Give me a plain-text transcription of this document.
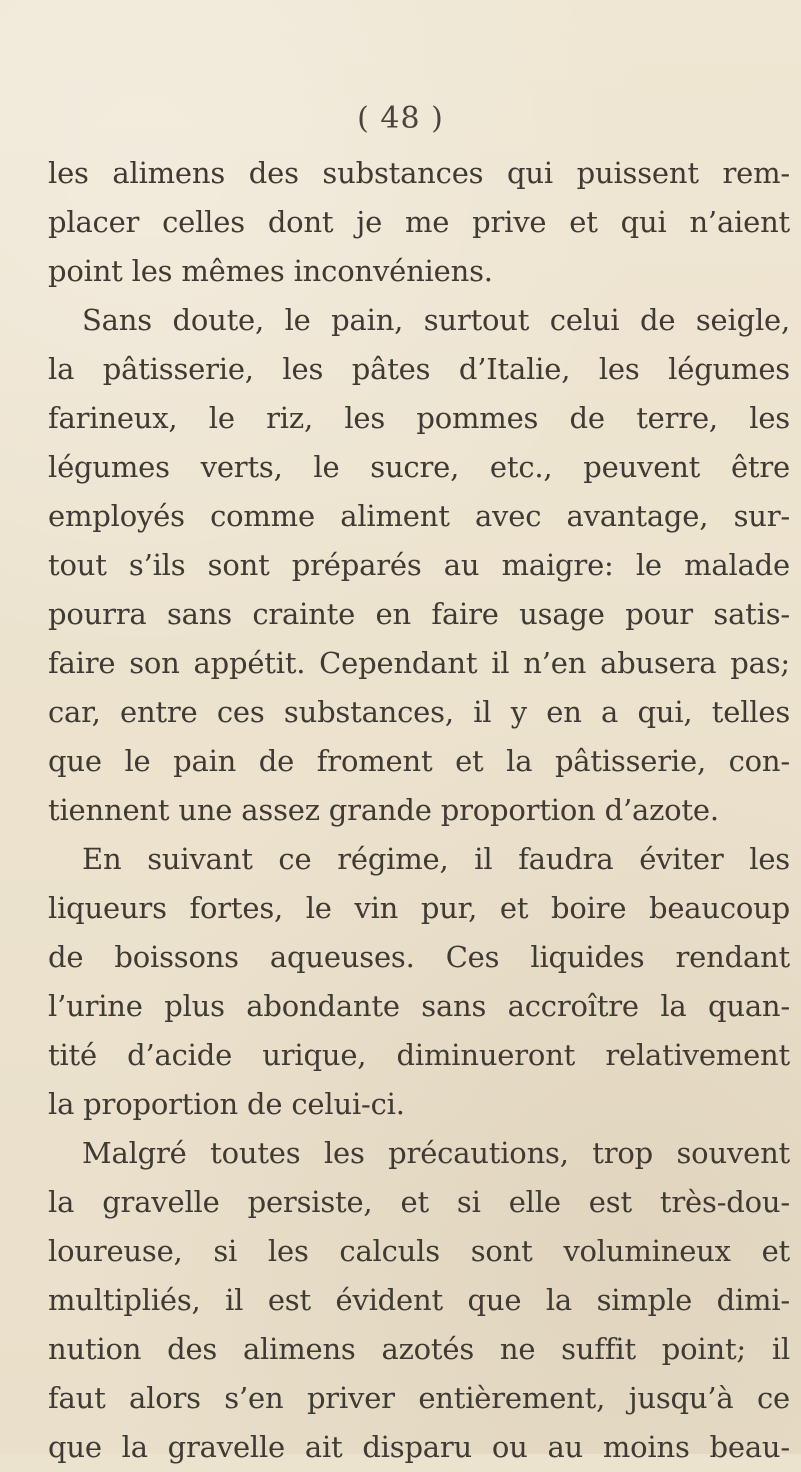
( 48 )
les alimens des substances qui puissent rem-
placer celles dont je me prive et qui n’aient
point les mêmes inconvéniens.
Sans doute, le pain, surtout celui de seigle,
la pâtisserie, les pâtes d’Italie, les légumes
farineux, le riz, les pommes de terre, les
légumes verts, le sucre, etc., peuvent être
employés comme aliment avec avantage, sur-
tout s’ils sont préparés au maigre: le malade
pourra sans crainte en faire usage pour satis-
faire son appétit. Cependant il n’en abusera pas;
car, entre ces substances, il y en a qui, telles
que le pain de froment et la pâtisserie, con-
tiennent une assez grande proportion d’azote.
En suivant ce régime, il faudra éviter les
liqueurs fortes, le vin pur, et boire beaucoup
de boissons aqueuses. Ces liquides rendant
l’urine plus abondante sans accroître la quan-
tité d’acide urique, diminueront relativement
la proportion de celui-ci.
Malgré toutes les précautions, trop souvent
la gravelle persiste, et si elle est très-dou-
loureuse, si les calculs sont volumineux et
multipliés, il est évident que la simple dimi-
nution des alimens azotés ne suffit point; il
faut alors s’en priver entièrement, jusqu’à ce
que la gravelle ait disparu ou au moins beau-
